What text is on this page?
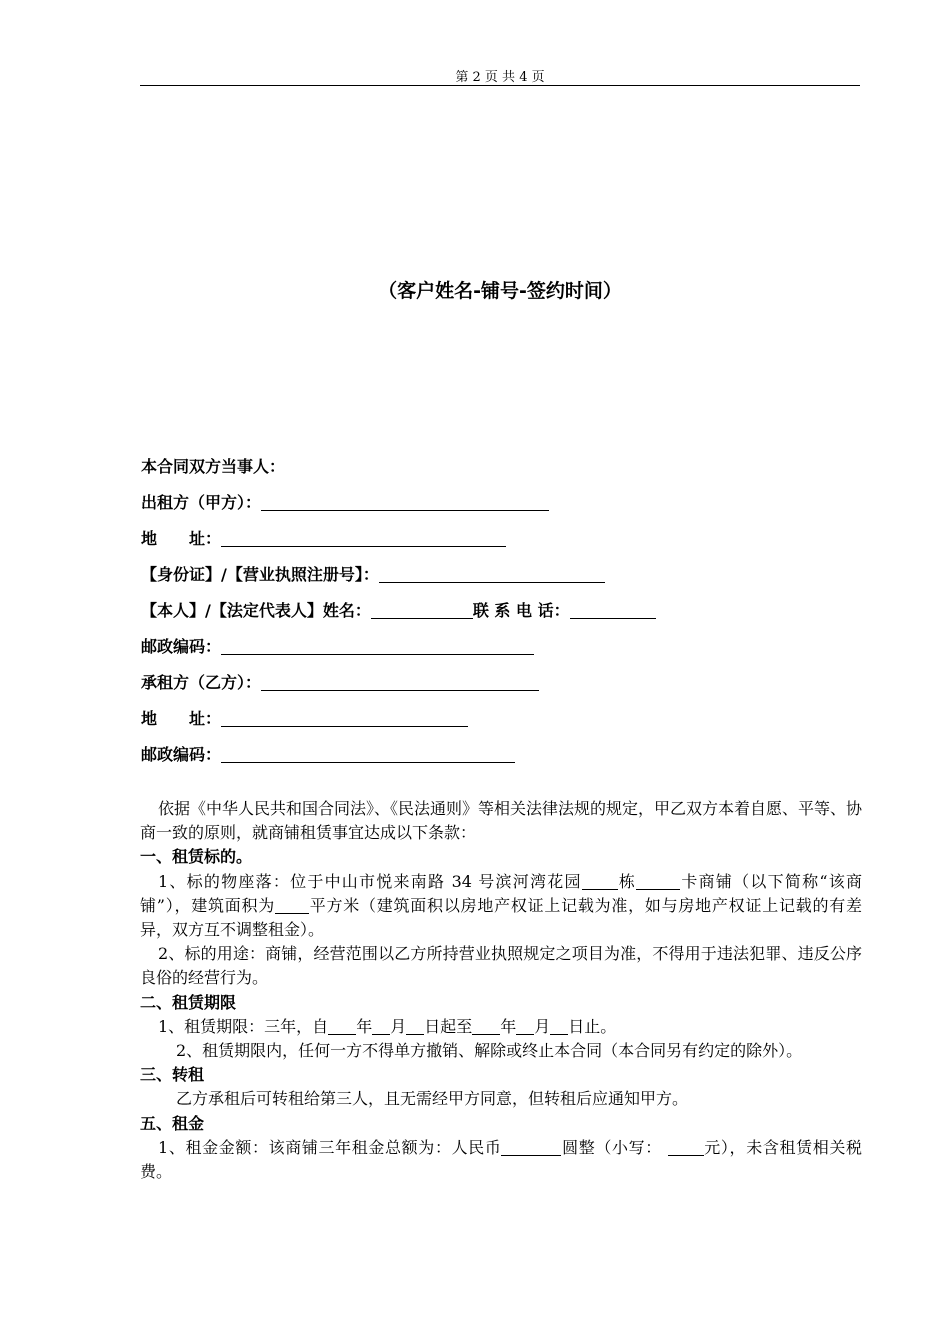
第 2 页 共 4 页
（客户姓名-铺号-签约时间）
本合同双方当事人：
出租方（甲方）：
地　　址：
【身份证】/【营业执照注册号】：
【本人】/【法定代表人】姓名：	联 系 电 话：
邮政编码：
承租方（乙方）：
地　　址：
邮政编码：

依据《中华人民共和国合同法》、《民法通则》等相关法律法规的规定，甲乙双方本着自愿、平等、协商一致的原则，就商铺租赁事宜达成以下条款：

一、租赁标的。

1、标的物座落：位于中山市悦来南路 34 号滨河湾花园 栋	卡商铺（以下简称“该商铺”），建筑面积为 平方米（建筑面积以房地产权证上记载为准，如与房地产权证上记载的有差异，双方互不调整租金）。

2、标的用途：商铺，经营范围以乙方所持营业执照规定之项目为准，不得用于违法犯罪、违反公序良俗的经营行为。

二、租赁期限

1、租赁期限：三年，自 年 月 日起至 年 月 日止。

2、租赁期限内，任何一方不得单方撤销、解除或终止本合同（本合同另有约定的除外）。

三、转租

乙方承租后可转租给第三人，且无需经甲方同意，但转租后应通知甲方。

五、租金

1、租金金额：该商铺三年租金总额为：人民币	圆整（小写：	元），未含租赁相关税费。
